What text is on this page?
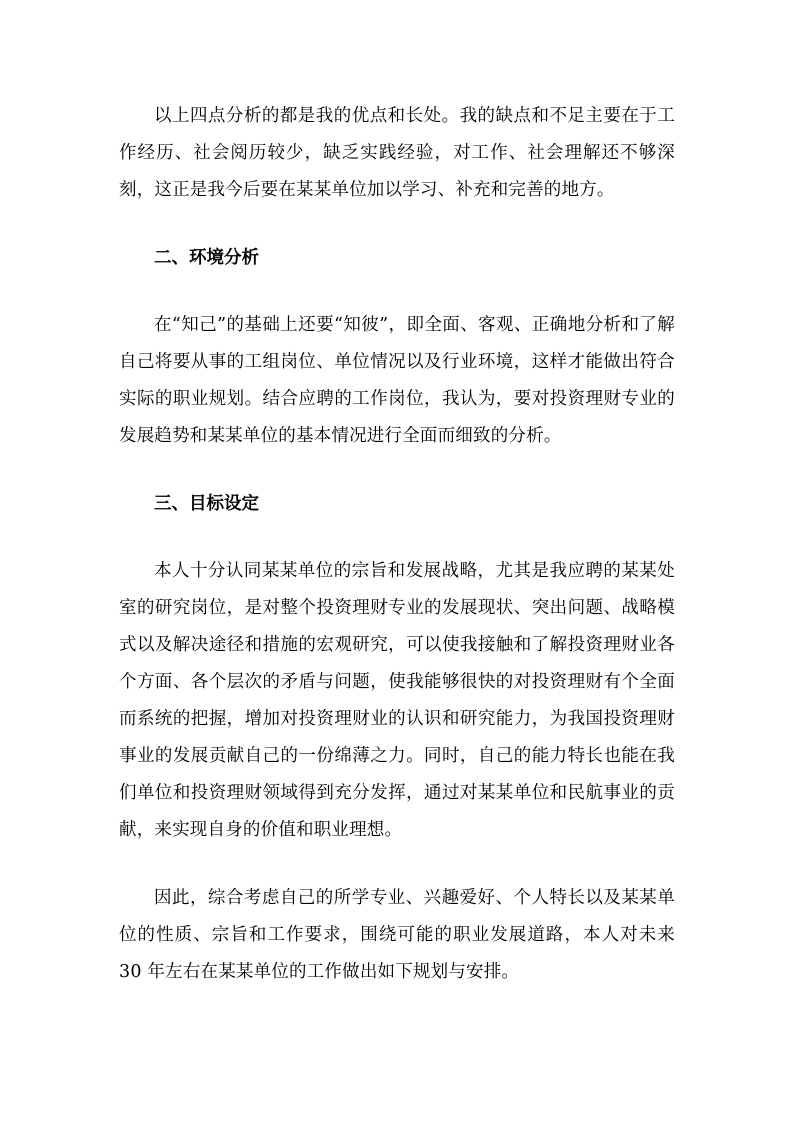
以上四点分析的都是我的优点和长处。我的缺点和不足主要在于工作经历、社会阅历较少，缺乏实践经验，对工作、社会理解还不够深刻，这正是我今后要在某某单位加以学习、补充和完善的地方。

二、环境分析

在“知己”的基础上还要“知彼”，即全面、客观、正确地分析和了解自己将要从事的工组岗位、单位情况以及行业环境，这样才能做出符合实际的职业规划。结合应聘的工作岗位，我认为，要对投资理财专业的发展趋势和某某单位的基本情况进行全面而细致的分析。

三、目标设定

本人十分认同某某单位的宗旨和发展战略，尤其是我应聘的某某处室的研究岗位，是对整个投资理财专业的发展现状、突出问题、战略模式以及解决途径和措施的宏观研究，可以使我接触和了解投资理财业各个方面、各个层次的矛盾与问题，使我能够很快的对投资理财有个全面而系统的把握，增加对投资理财业的认识和研究能力，为我国投资理财事业的发展贡献自己的一份绵薄之力。同时，自己的能力特长也能在我们单位和投资理财领域得到充分发挥，通过对某某单位和民航事业的贡献，来实现自身的价值和职业理想。

因此，综合考虑自己的所学专业、兴趣爱好、个人特长以及某某单位的性质、宗旨和工作要求，围绕可能的职业发展道路，本人对未来 30 年左右在某某单位的工作做出如下规划与安排。
